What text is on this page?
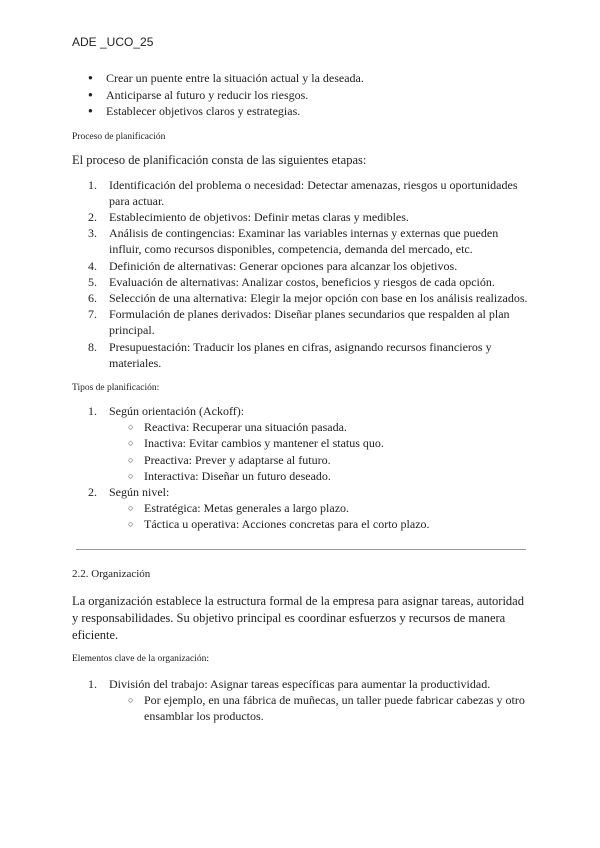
ADE _UCO_25
● Crear un puente entre la situación actual y la deseada.
● Anticiparse al futuro y reducir los riesgos.
● Establecer objetivos claros y estrategias.
Proceso de planificación

El proceso de planificación consta de las siguientes etapas:

1. Identificación del problema o necesidad: Detectar amenazas, riesgos u oportunidades para actuar.
2. Establecimiento de objetivos: Definir metas claras y medibles.
3. Análisis de contingencias: Examinar las variables internas y externas que pueden influir, como recursos disponibles, competencia, demanda del mercado, etc.
4. Definición de alternativas: Generar opciones para alcanzar los objetivos.
5. Evaluación de alternativas: Analizar costos, beneficios y riesgos de cada opción.
6. Selección de una alternativa: Elegir la mejor opción con base en los análisis realizados.
7. Formulación de planes derivados: Diseñar planes secundarios que respalden al plan principal.
8. Presupuestación: Traducir los planes en cifras, asignando recursos financieros y materiales.
Tipos de planificación:
1. Según orientación (Ackoff):
○ Reactiva: Recuperar una situación pasada.
○ Inactiva: Evitar cambios y mantener el status quo.
○ Preactiva: Prever y adaptarse al futuro.
○ Interactiva: Diseñar un futuro deseado.
2. Según nivel:
○ Estratégica: Metas generales a largo plazo.
○ Táctica u operativa: Acciones concretas para el corto plazo.
2.2. Organización

La organización establece la estructura formal de la empresa para asignar tareas, autoridad y responsabilidades. Su objetivo principal es coordinar esfuerzos y recursos de manera eficiente.

Elementos clave de la organización:
1. División del trabajo: Asignar tareas específicas para aumentar la productividad.
○ Por ejemplo, en una fábrica de muñecas, un taller puede fabricar cabezas y otro ensamblar los productos.
